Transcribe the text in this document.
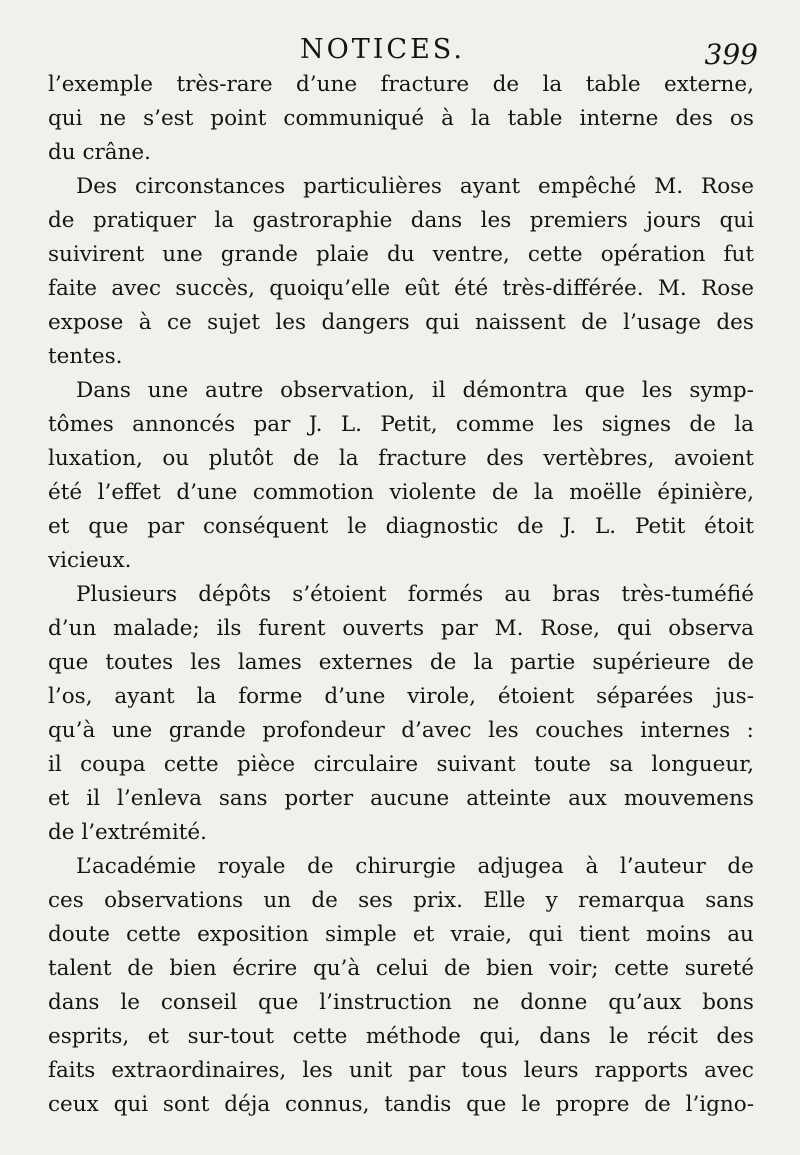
NOTICES.	399
l’exemple très-rare d’une fracture de la table externe,
qui ne s’est point communiqué à la table interne des os
du crâne.
Des circonstances particulières ayant empêché M. Rose
de pratiquer la gastroraphie dans les premiers jours qui
suivirent une grande plaie du ventre, cette opération fut
faite avec succès, quoiqu’elle eût été très-différée. M. Rose
expose à ce sujet les dangers qui naissent de l’usage des
tentes.
Dans une autre observation, il démontra que les symp-
tômes annoncés par J. L. Petit, comme les signes de la
luxation, ou plutôt de la fracture des vertèbres, avoient
été l’effet d’une commotion violente de la moëlle épinière,
et que par conséquent le diagnostic de J. L. Petit étoit
vicieux.
Plusieurs dépôts s’étoient formés au bras très-tuméfié
d’un malade; ils furent ouverts par M. Rose, qui observa
que toutes les lames externes de la partie supérieure de
l’os, ayant la forme d’une virole, étoient séparées jus-
qu’à une grande profondeur d’avec les couches internes :
il coupa cette pièce circulaire suivant toute sa longueur,
et il l’enleva sans porter aucune atteinte aux mouvemens
de l’extrémité.
L’académie royale de chirurgie adjugea à l’auteur de
ces observations un de ses prix. Elle y remarqua sans
doute cette exposition simple et vraie, qui tient moins au
talent de bien écrire qu’à celui de bien voir; cette sureté
dans le conseil que l’instruction ne donne qu’aux bons
esprits, et sur-tout cette méthode qui, dans le récit des
faits extraordinaires, les unit par tous leurs rapports avec
ceux qui sont déja connus, tandis que le propre de l’igno-
